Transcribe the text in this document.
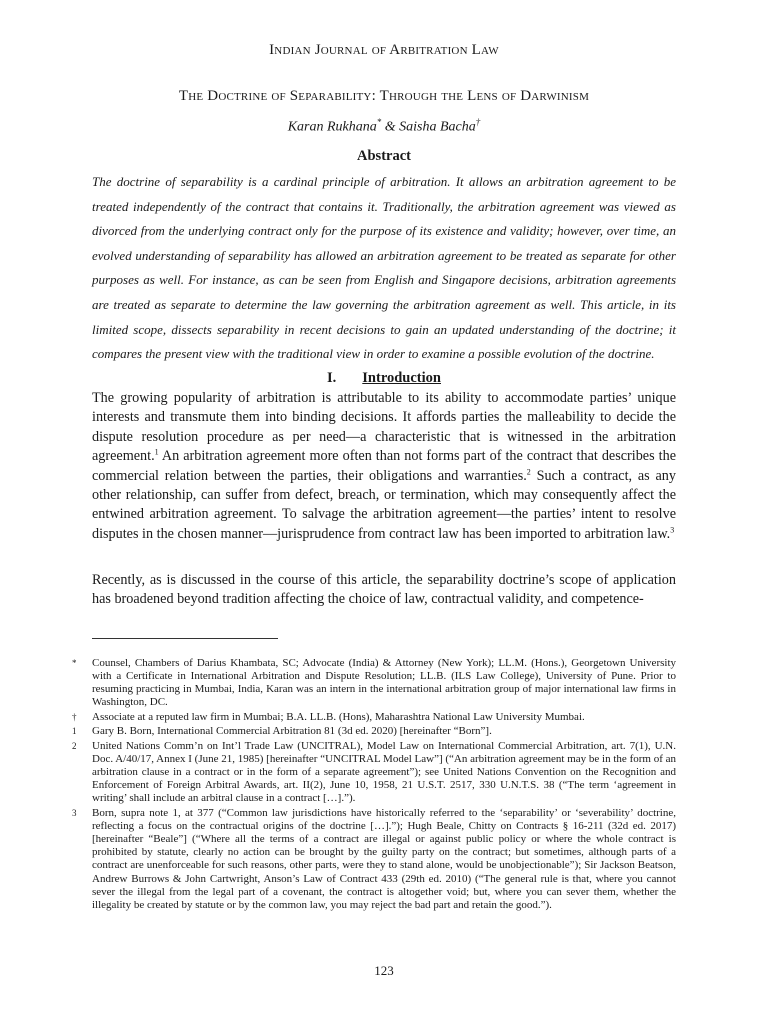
Indian Journal of Arbitration Law
The Doctrine of Separability: Through the Lens of Darwinism
Karan Rukhana* & Saisha Bacha†
Abstract
The doctrine of separability is a cardinal principle of arbitration. It allows an arbitration agreement to be treated independently of the contract that contains it. Traditionally, the arbitration agreement was viewed as divorced from the underlying contract only for the purpose of its existence and validity; however, over time, an evolved understanding of separability has allowed an arbitration agreement to be treated as separate for other purposes as well. For instance, as can be seen from English and Singapore decisions, arbitration agreements are treated as separate to determine the law governing the arbitration agreement as well. This article, in its limited scope, dissects separability in recent decisions to gain an updated understanding of the doctrine; it compares the present view with the traditional view in order to examine a possible evolution of the doctrine.
I. Introduction
The growing popularity of arbitration is attributable to its ability to accommodate parties’ unique interests and transmute them into binding decisions. It affords parties the malleability to decide the dispute resolution procedure as per need—a characteristic that is witnessed in the arbitration agreement.$^1$ An arbitration agreement more often than not forms part of the contract that describes the commercial relation between the parties, their obligations and warranties.$^2$ Such a contract, as any other relationship, can suffer from defect, breach, or termination, which may consequently affect the entwined arbitration agreement. To salvage the arbitration agreement—the parties’ intent to resolve disputes in the chosen manner—jurisprudence from contract law has been imported to arbitration law.$^3$
Recently, as is discussed in the course of this article, the separability doctrine’s scope of application has broadened beyond tradition affecting the choice of law, contractual validity, and competence-
* Counsel, Chambers of Darius Khambata, SC; Advocate (India) & Attorney (New York); LL.M. (Hons.), Georgetown University with a Certificate in International Arbitration and Dispute Resolution; LL.B. (ILS Law College), University of Pune. Prior to resuming practicing in Mumbai, India, Karan was an intern in the international arbitration group of major international law firms in Washington, DC.
† Associate at a reputed law firm in Mumbai; B.A. LL.B. (Hons), Maharashtra National Law University Mumbai.
1 Gary B. Born, International Commercial Arbitration 81 (3d ed. 2020) [hereinafter “Born”].
2 United Nations Comm’n on Int’l Trade Law (UNCITRAL), Model Law on International Commercial Arbitration, art. 7(1), U.N. Doc. A/40/17, Annex I (June 21, 1985) [hereinafter “UNCITRAL Model Law”] (“An arbitration agreement may be in the form of an arbitration clause in a contract or in the form of a separate agreement”); see United Nations Convention on the Recognition and Enforcement of Foreign Arbitral Awards, art. II(2), June 10, 1958, 21 U.S.T. 2517, 330 U.N.T.S. 38 (“The term ‘agreement in writing’ shall include an arbitral clause in a contract […].”).
3 Born, supra note 1, at 377 (“Common law jurisdictions have historically referred to the ‘separability’ or ‘severability’ doctrine, reflecting a focus on the contractual origins of the doctrine […].”); Hugh Beale, Chitty on Contracts § 16-211 (32d ed. 2017) [hereinafter “Beale”] (“Where all the terms of a contract are illegal or against public policy or where the whole contract is prohibited by statute, clearly no action can be brought by the guilty party on the contract; but sometimes, although parts of a contract are unenforceable for such reasons, other parts, were they to stand alone, would be unobjectionable”); Sir Jackson Beatson, Andrew Burrows & John Cartwright, Anson’s Law of Contract 433 (29th ed. 2010) (“The general rule is that, where you cannot sever the illegal from the legal part of a covenant, the contract is altogether void; but, where you can sever them, whether the illegality be created by statute or by the common law, you may reject the bad part and retain the good.”).
123
